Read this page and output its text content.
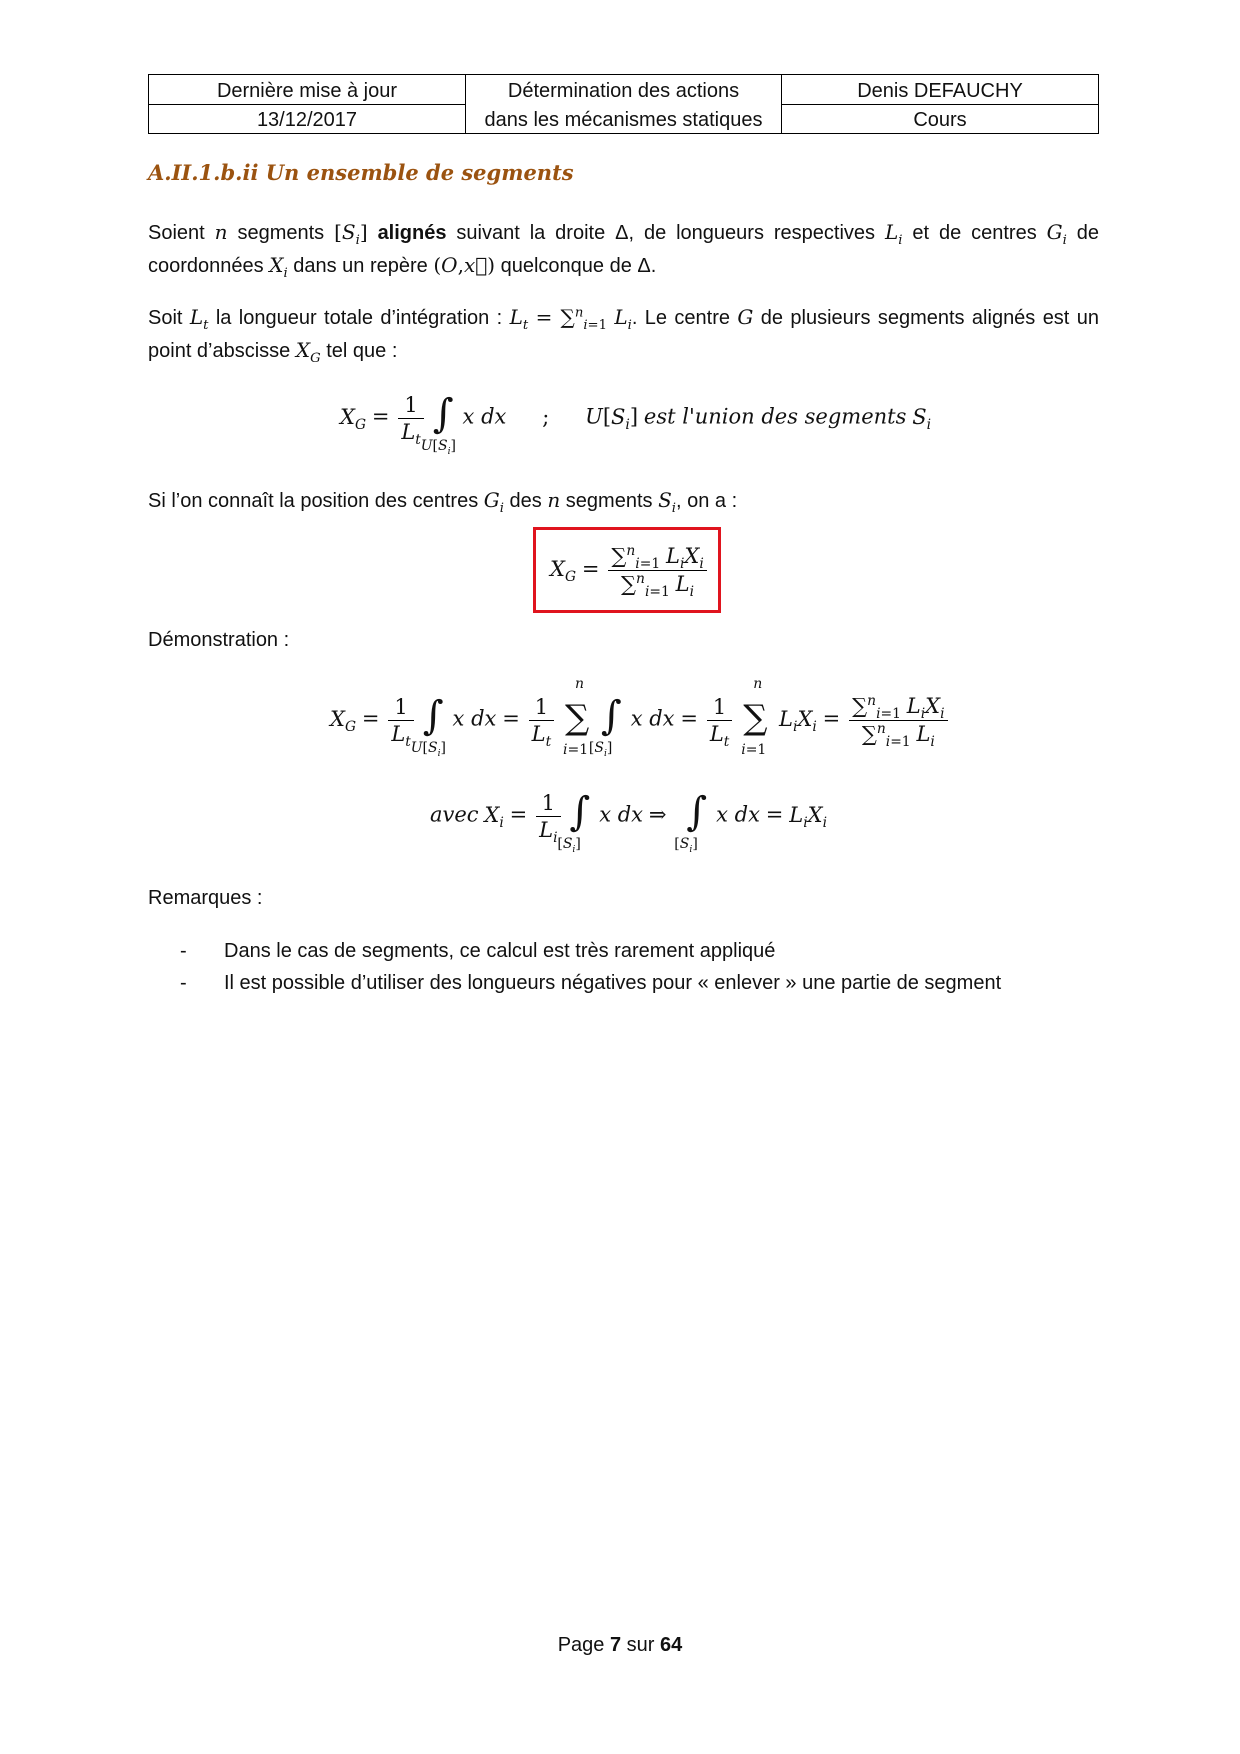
Dernière mise à jour
13/12/2017
Détermination des actions
dans les mécanismes statiques
Denis DEFAUCHY
Cours
A.II.1.b.ii Un ensemble de segments
Soient n segments $[S_i]$ alignés suivant la droite Δ, de longueurs respectives $L_i$ et de centres $G_i$ de coordonnées $X_i$ dans un repère (O,x⃗) quelconque de Δ.
Soit $L_t$ la longueur totale d’intégration : $L_t = \sum^n_{i=1}$ $L_i$. Le centre G de plusieurs segments alignés est un point d’abscisse $X_G$ tel que :
$X_G = \frac{1}{L_t}$
∫
$U[S_i]$
x dx ; $U[S_i]$ est l'union des segments $S_i$
Si l’on connaît la position des centres $G_i$ des n segments $S_i$, on a :
$X_G = \frac{\sum^n_{i=1} L_iX_i}{\sum^n_{i=1} L_i}$
Démonstration :
$X_G = \frac{1}{L_t}$
∫
$U[S_i]$
x dx = $\frac{1}{L_t}$

n
∑
i=1

∫
$[S_i]$
x dx = $\frac{1}{L_t}$

n
∑
i=1
$L_iX_i = \frac{\sum^n_{i=1} L_iX_i}{\sum^n_{i=1} L_i}$
avec $X_i = \frac{1}{L_i}$
∫
$[S_i]$
x dx ⇒ ∫
$[S_i]$
x dx = $L_iX_i$
Remarques :
- Dans le cas de segments, ce calcul est très rarement appliqué
- Il est possible d’utiliser des longueurs négatives pour « enlever » une partie de segment
Page 7 sur 64
